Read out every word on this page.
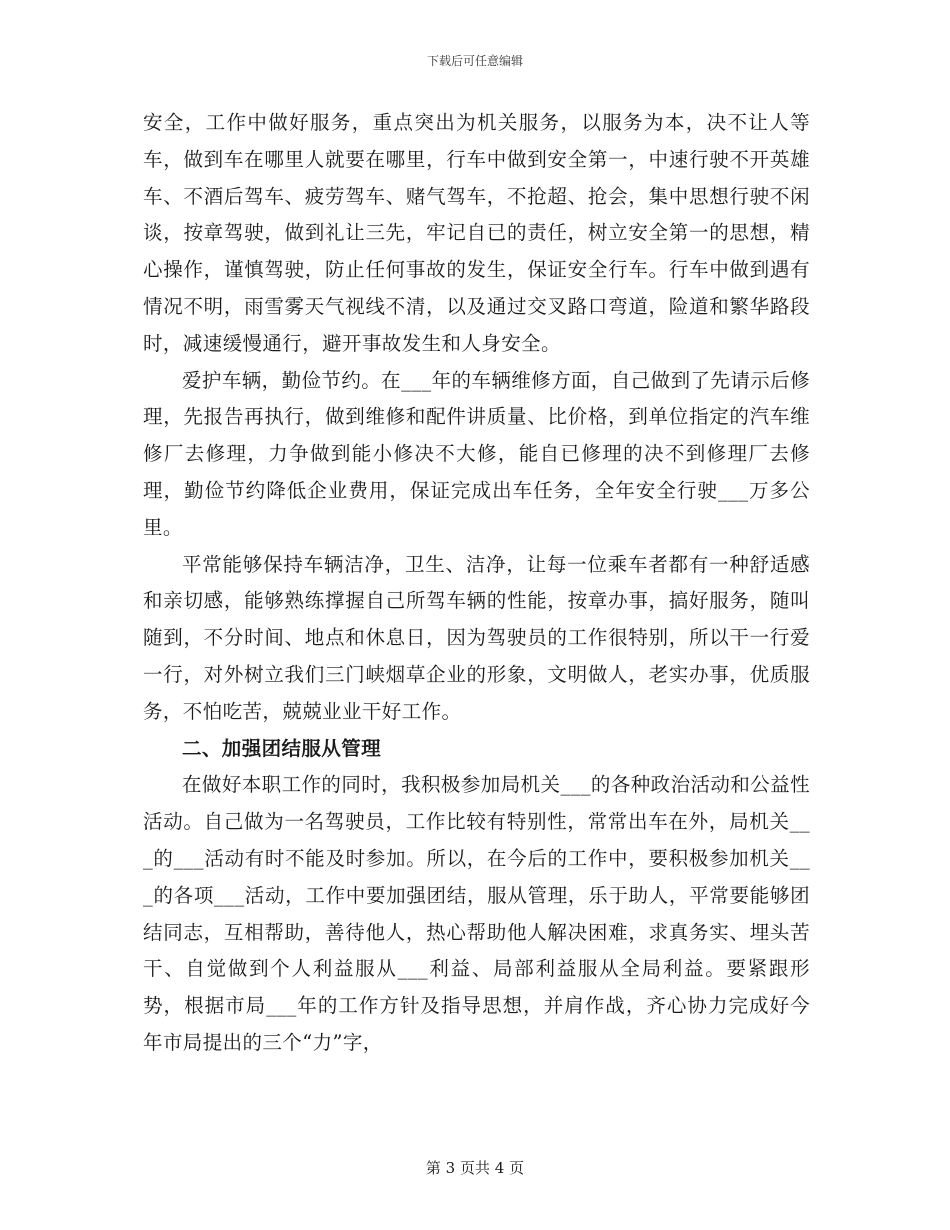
下载后可任意编辑

安全，工作中做好服务，重点突出为机关服务，以服务为本，决不让人等车，做到车在哪里人就要在哪里，行车中做到安全第一，中速行驶不开英雄车、不酒后驾车、疲劳驾车、赌气驾车，不抢超、抢会，集中思想行驶不闲谈，按章驾驶，做到礼让三先，牢记自已的责任，树立安全第一的思想，精心操作，谨慎驾驶，防止任何事故的发生，保证安全行车。行车中做到遇有情况不明，雨雪雾天气视线不清，以及通过交叉路口弯道，险道和繁华路段时，减速缓慢通行，避开事故发生和人身安全。

爱护车辆，勤俭节约。在___年的车辆维修方面，自己做到了先请示后修理，先报告再执行，做到维修和配件讲质量、比价格，到单位指定的汽车维修厂去修理，力争做到能小修决不大修，能自已修理的决不到修理厂去修理，勤俭节约降低企业费用，保证完成出车任务，全年安全行驶___万多公里。

平常能够保持车辆洁净，卫生、洁净，让每一位乘车者都有一种舒适感和亲切感，能够熟练撑握自己所驾车辆的性能，按章办事，搞好服务，随叫随到，不分时间、地点和休息日，因为驾驶员的工作很特别，所以干一行爱一行，对外树立我们三门峡烟草企业的形象，文明做人，老实办事，优质服务，不怕吃苦，兢兢业业干好工作。

二、加强团结服从管理

在做好本职工作的同时，我积极参加局机关___的各种政治活动和公益性活动。自己做为一名驾驶员，工作比较有特别性，常常出车在外，局机关___的___活动有时不能及时参加。所以，在今后的工作中，要积极参加机关___的各项___活动，工作中要加强团结，服从管理，乐于助人，平常要能够团结同志，互相帮助，善待他人，热心帮助他人解决困难，求真务实、埋头苦干、自觉做到个人利益服从___利益、局部利益服从全局利益。要紧跟形势，根据市局___年的工作方针及指导思想，并肩作战，齐心协力完成好今年市局提出的三个“力”字，

第 3 页共 4 页
